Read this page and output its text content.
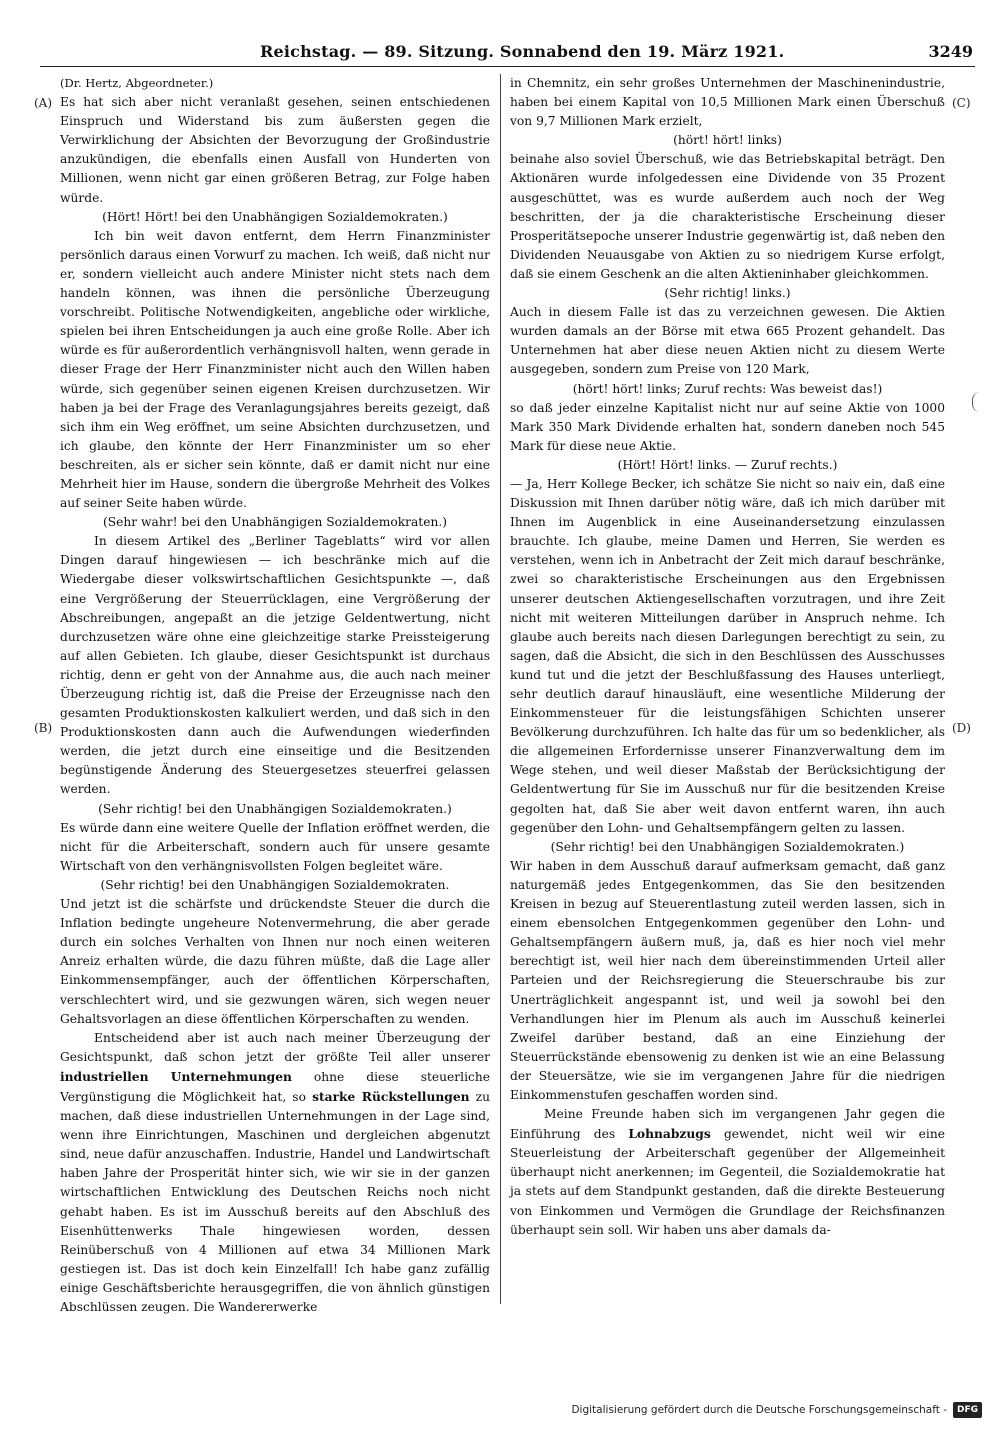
Reichstag. — 89. Sitzung. Sonnabend den 19. März 1921.	3249
(A)
(B)
(C)
(D)

(Dr. Hertz, Abgeordneter.)

Es hat sich aber nicht veranlaßt gesehen, seinen entschiedenen Einspruch und Widerstand bis zum äußersten gegen die Verwirklichung der Absichten der Bevorzugung der Großindustrie anzukündigen, die ebenfalls einen Ausfall von Hunderten von Millionen, wenn nicht gar einen größeren Betrag, zur Folge haben würde.

(Hört! Hört! bei den Unabhängigen Sozialdemokraten.)

Ich bin weit davon entfernt, dem Herrn Finanzminister persönlich daraus einen Vorwurf zu machen. Ich weiß, daß nicht nur er, sondern vielleicht auch andere Minister nicht stets nach dem handeln können, was ihnen die persönliche Überzeugung vorschreibt. Politische Notwendigkeiten, angebliche oder wirkliche, spielen bei ihren Entscheidungen ja auch eine große Rolle. Aber ich würde es für außerordentlich verhängnisvoll halten, wenn gerade in dieser Frage der Herr Finanzminister nicht auch den Willen haben würde, sich gegenüber seinen eigenen Kreisen durchzusetzen. Wir haben ja bei der Frage des Veranlagungsjahres bereits gezeigt, daß sich ihm ein Weg eröffnet, um seine Absichten durchzusetzen, und ich glaube, den könnte der Herr Finanzminister um so eher beschreiten, als er sicher sein könnte, daß er damit nicht nur eine Mehrheit hier im Hause, sondern die übergroße Mehrheit des Volkes auf seiner Seite haben würde.

(Sehr wahr! bei den Unabhängigen Sozialdemokraten.)

In diesem Artikel des „Berliner Tageblatts“ wird vor allen Dingen darauf hingewiesen — ich beschränke mich auf die Wiedergabe dieser volkswirtschaftlichen Gesichtspunkte —, daß eine Vergrößerung der Steuerrücklagen, eine Vergrößerung der Abschreibungen, angepaßt an die jetzige Geldentwertung, nicht durchzusetzen wäre ohne eine gleichzeitige starke Preissteigerung auf allen Gebieten. Ich glaube, dieser Gesichtspunkt ist durchaus richtig, denn er geht von der Annahme aus, die auch nach meiner Überzeugung richtig ist, daß die Preise der Erzeugnisse nach den gesamten Produktionskosten kalkuliert werden, und daß sich in den Produktionskosten dann auch die Aufwendungen wiederfinden werden, die jetzt durch eine einseitige und die Besitzenden begünstigende Änderung des Steuergesetzes steuerfrei gelassen werden.

(Sehr richtig! bei den Unabhängigen Sozialdemokraten.)

Es würde dann eine weitere Quelle der Inflation eröffnet werden, die nicht für die Arbeiterschaft, sondern auch für unsere gesamte Wirtschaft von den verhängnisvollsten Folgen begleitet wäre.

(Sehr richtig! bei den Unabhängigen Sozialdemokraten.

Und jetzt ist die schärfste und drückendste Steuer die durch die Inflation bedingte ungeheure Notenvermehrung, die aber gerade durch ein solches Verhalten von Ihnen nur noch einen weiteren Anreiz erhalten würde, die dazu führen müßte, daß die Lage aller Einkommensempfänger, auch der öffentlichen Körperschaften, verschlechtert wird, und sie gezwungen wären, sich wegen neuer Gehaltsvorlagen an diese öffentlichen Körperschaften zu wenden.

Entscheidend aber ist auch nach meiner Überzeugung der Gesichtspunkt, daß schon jetzt der größte Teil aller unserer industriellen Unternehmungen ohne diese steuerliche Vergünstigung die Möglichkeit hat, so starke Rückstellungen zu machen, daß diese industriellen Unternehmungen in der Lage sind, wenn ihre Einrichtungen, Maschinen und dergleichen abgenutzt sind, neue dafür anzuschaffen. Industrie, Handel und Landwirtschaft haben Jahre der Prosperität hinter sich, wie wir sie in der ganzen wirtschaftlichen Entwicklung des Deutschen Reichs noch nicht gehabt haben. Es ist im Ausschuß bereits auf den Abschluß des Eisenhüttenwerks Thale hingewiesen worden, dessen Reinüberschuß von 4 Millionen auf etwa 34 Millionen Mark gestiegen ist. Das ist doch kein Einzelfall! Ich habe ganz zufällig einige Geschäftsberichte herausgegriffen, die von ähnlich günstigen Abschlüssen zeugen. Die Wandererwerke

in Chemnitz, ein sehr großes Unternehmen der Maschinenindustrie, haben bei einem Kapital von 10,5 Millionen Mark einen Überschuß von 9,7 Millionen Mark erzielt,

(hört! hört! links)

beinahe also soviel Überschuß, wie das Betriebskapital beträgt. Den Aktionären wurde infolgedessen eine Dividende von 35 Prozent ausgeschüttet, was es wurde außerdem auch noch der Weg beschritten, der ja die charakteristische Erscheinung dieser Prosperitätsepoche unserer Industrie gegenwärtig ist, daß neben den Dividenden Neuausgabe von Aktien zu so niedrigem Kurse erfolgt, daß sie einem Geschenk an die alten Aktieninhaber gleichkommen.

(Sehr richtig! links.)

Auch in diesem Falle ist das zu verzeichnen gewesen. Die Aktien wurden damals an der Börse mit etwa 665 Prozent gehandelt. Das Unternehmen hat aber diese neuen Aktien nicht zu diesem Werte ausgegeben, sondern zum Preise von 120 Mark,

(hört! hört! links; Zuruf rechts: Was beweist das!)

so daß jeder einzelne Kapitalist nicht nur auf seine Aktie von 1000 Mark 350 Mark Dividende erhalten hat, sondern daneben noch 545 Mark für diese neue Aktie.

(Hört! Hört! links. — Zuruf rechts.)

— Ja, Herr Kollege Becker, ich schätze Sie nicht so naiv ein, daß eine Diskussion mit Ihnen darüber nötig wäre, daß ich mich darüber mit Ihnen im Augenblick in eine Auseinandersetzung einzulassen brauchte. Ich glaube, meine Damen und Herren, Sie werden es verstehen, wenn ich in Anbetracht der Zeit mich darauf beschränke, zwei so charakteristische Erscheinungen aus den Ergebnissen unserer deutschen Aktiengesellschaften vorzutragen, und ihre Zeit nicht mit weiteren Mitteilungen darüber in Anspruch nehme. Ich glaube auch bereits nach diesen Darlegungen berechtigt zu sein, zu sagen, daß die Absicht, die sich in den Beschlüssen des Ausschusses kund tut und die jetzt der Beschlußfassung des Hauses unterliegt, sehr deutlich darauf hinausläuft, eine wesentliche Milderung der Einkommensteuer für die leistungsfähigen Schichten unserer Bevölkerung durchzuführen. Ich halte das für um so bedenklicher, als die allgemeinen Erfordernisse unserer Finanzverwaltung dem im Wege stehen, und weil dieser Maßstab der Berücksichtigung der Geldentwertung für Sie im Ausschuß nur für die besitzenden Kreise gegolten hat, daß Sie aber weit davon entfernt waren, ihn auch gegenüber den Lohn- und Gehaltsempfängern gelten zu lassen.

(Sehr richtig! bei den Unabhängigen Sozialdemokraten.)

Wir haben in dem Ausschuß darauf aufmerksam gemacht, daß ganz naturgemäß jedes Entgegenkommen, das Sie den besitzenden Kreisen in bezug auf Steuerentlastung zuteil werden lassen, sich in einem ebensolchen Entgegenkommen gegenüber den Lohn- und Gehaltsempfängern äußern muß, ja, daß es hier noch viel mehr berechtigt ist, weil hier nach dem übereinstimmenden Urteil aller Parteien und der Reichsregierung die Steuerschraube bis zur Unerträglichkeit angespannt ist, und weil ja sowohl bei den Verhandlungen hier im Plenum als auch im Ausschuß keinerlei Zweifel darüber bestand, daß an eine Einziehung der Steuerrückstände ebensowenig zu denken ist wie an eine Belassung der Steuersätze, wie sie im vergangenen Jahre für die niedrigen Einkommenstufen geschaffen worden sind.

Meine Freunde haben sich im vergangenen Jahr gegen die Einführung des Lohnabzugs gewendet, nicht weil wir eine Steuerleistung der Arbeiterschaft gegenüber der Allgemeinheit überhaupt nicht anerkennen; im Gegenteil, die Sozialdemokratie hat ja stets auf dem Standpunkt gestanden, daß die direkte Besteuerung von Einkommen und Vermögen die Grundlage der Reichsfinanzen überhaupt sein soll. Wir haben uns aber damals da-

Digitalisierung gefördert durch die Deutsche Forschungsgemeinschaft -	DFG
